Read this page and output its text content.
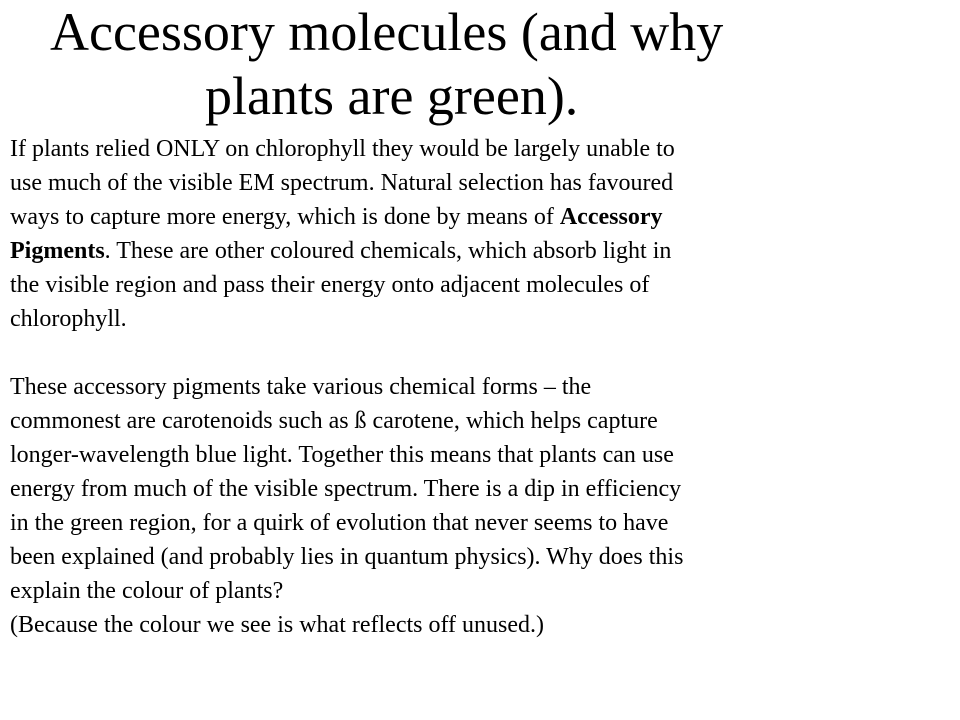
Accessory molecules (and why
plants are green).
If plants relied ONLY on chlorophyll they would be largely unable to
use much of the visible EM spectrum. Natural selection has favoured
ways to capture more energy, which is done by means of Accessory
Pigments. These are other coloured chemicals, which absorb light in
the visible region and pass their energy onto adjacent molecules of
chlorophyll.
These accessory pigments take various chemical forms – the
commonest are carotenoids such as ß carotene, which helps capture
longer-wavelength blue light. Together this means that plants can use
energy from much of the visible spectrum. There is a dip in efficiency
in the green region, for a quirk of evolution that never seems to have
been explained (and probably lies in quantum physics). Why does this
explain the colour of plants?
(Because the colour we see is what reflects off unused.)
